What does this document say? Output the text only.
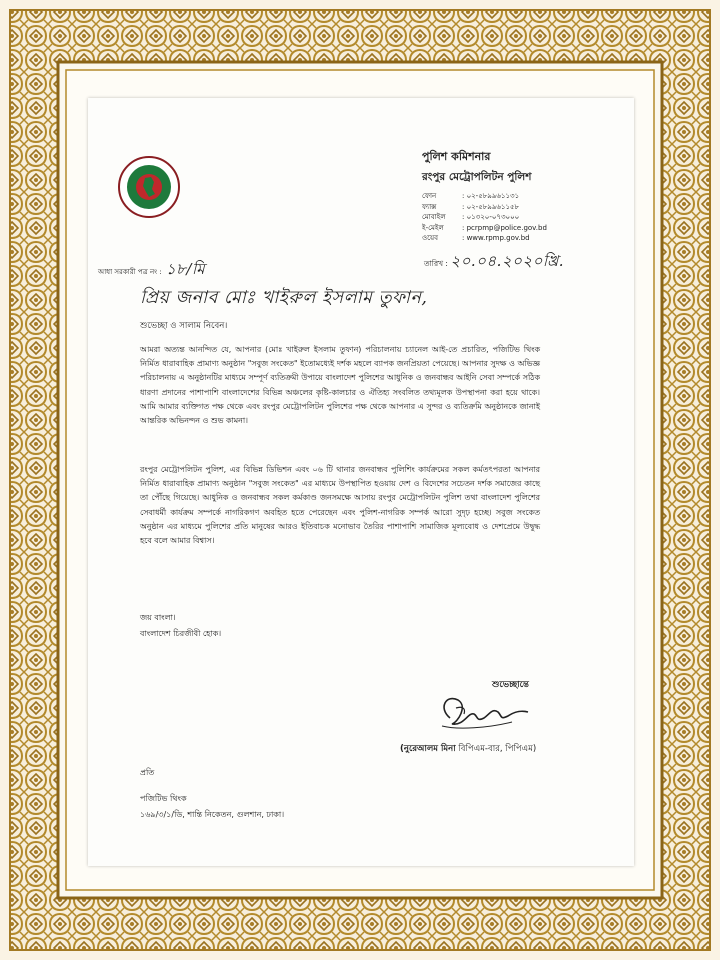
পুলিশ কমিশনার
রংপুর মেট্রোপলিটন পুলিশ
ফোন	: ০২-৫৮৯৯৬১১৩১
ফ্যাক্স	: ০২-৫৮৯৯৬১১৫৮
মোবাইল	: ০১৩২০-০৭৩০০০
ই-মেইল	: pcrpmp@police.gov.bd
ওয়েব	: www.rpmp.gov.bd
আধা সরকারী পত্র নং : ১৮/মি	তারিখ : ২০.০৪.২০২০খ্রি.
প্রিয় জনাব মোঃ খাইরুল ইসলাম তুফান,
শুভেচ্ছা ও সালাম নিবেন।

আমরা অত্যন্ত আনন্দিত যে, আপনার (মোঃ খাইরুল ইসলাম তুফান) পরিচালনায় চ্যানেল আই-তে প্রচারিত, পজিটিভ থিংক নির্মিত ধারাবাহিক প্রামাণ্য অনুষ্ঠান "সবুজ সংকেত" ইতোমধ্যেই দর্শক মহলে ব্যাপক জনপ্রিয়তা পেয়েছে। আপনার সুদক্ষ ও অভিজ্ঞ পরিচালনায় এ অনুষ্ঠানটির মাধ্যমে সম্পূর্ণ ব্যতিক্রমী উপায়ে বাংলাদেশ পুলিশের আধুনিক ও জনবান্ধব আইনি সেবা সম্পর্কে সঠিক ধারণা প্রদানের পাশাপাশি বাংলাদেশের বিভিন্ন অঞ্চলের কৃষ্টি-কালচার ও ঐতিহ্য সংবলিত তথ্যমূলক উপস্থাপনা করা হয়ে থাকে। আমি আমার ব্যক্তিগত পক্ষ থেকে এবং রংপুর মেট্রোপলিটন পুলিশের পক্ষ থেকে আপনার এ সুন্দর ও ব্যতিক্রমি অনুষ্ঠানকে জানাই আন্তরিক অভিনন্দন ও শুভ কামনা।

রংপুর মেট্রোপলিটন পুলিশ, এর বিভিন্ন ডিভিশন এবং ০৬ টি থানার জনবান্ধব পুলিশিং কার্যক্রমের সকল কর্মতৎপরতা আপনার নির্মিত ধারাবাহিক প্রামাণ্য অনুষ্ঠান "সবুজ সংকেত" এর মাধ্যমে উপস্থাপিত হওয়ায় দেশ ও বিদেশের সচেতন দর্শক সমাজের কাছে তা পৌঁছে গিয়েছে। আধুনিক ও জনবান্ধব সকল কর্মকাণ্ড জনসমক্ষে আসায় রংপুর মেট্রোপলিটন পুলিশ তথা বাংলাদেশ পুলিশের সেবাধর্মী কার্যক্রম সম্পর্কে নাগরিকগণ অবহিত হতে পেরেছেন এবং পুলিশ-নাগরিক সম্পর্ক আরো সুদৃঢ় হচ্ছে। সবুজ সংকেত অনুষ্ঠান এর মাধ্যমে পুলিশের প্রতি মানুষের আরও ইতিবাচক মনোভাব তৈরির পাশাপাশি সামাজিক মূল্যবোধ ও দেশপ্রেমে উদ্বুদ্ধ হবে বলে আমার বিশ্বাস।

জয় বাংলা।
বাংলাদেশ চিরজীবী হোক।
শুভেচ্ছান্তে
(নুরেআলম মিনা বিপিএম-বার, পিপিএম)
প্রতি
পজিটিভ থিংক
১৬৯/৩/১/ডি, শান্তি নিকেতন, গুলশান, ঢাকা।
